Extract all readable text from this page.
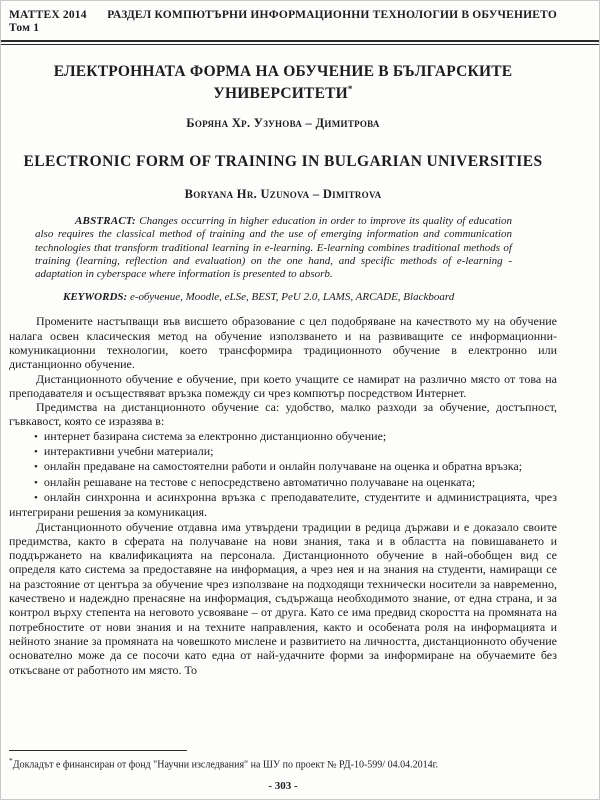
MATTEX 2014
Том 1
РАЗДЕЛ КОМПЮТЪРНИ ИНФОРМАЦИОННИ ТЕХНОЛОГИИ В ОБУЧЕНИЕТО
ЕЛЕКТРОННАТА ФОРМА НА ОБУЧЕНИЕ В БЪЛГАРСКИТЕ УНИВЕРСИТЕТИ*
Боряна Хр. Узунова – Димитрова
ELECTRONIC FORM OF TRAINING IN BULGARIAN UNIVERSITIES
Boryana Hr. Uzunova – Dimitrova

ABSTRACT: Changes occurring in higher education in order to improve its quality of education also requires the classical method of training and the use of emerging information and communication technologies that transform traditional learning in e-learning. E-learning combines traditional methods of training (learning, reflection and evaluation) on the one hand, and specific methods of e-learning - adaptation in cyberspace where information is presented to absorb.

KEYWORDS: e-обучение, Moodle, eLSe, BEST, PeU 2.0, LAMS, ARCADE, Blackboard

Промените настъпващи във висшето образование с цел подобряване на качеството му на обучение налага освен класическия метод на обучение използването и на развиващите се информационни-комуникационни технологии, което трансформира традиционното обучение в електронно или дистанционно обучение.

Дистанционното обучение е обучение, при което учащите се намират на различно място от това на преподавателя и осъществяват връзка помежду си чрез компютър посредством Интернет.

Предимства на дистанционното обучение са: удобство, малко разходи за обучение, достъпност, гъвкавост, която се изразява в:

• интернет базирана система за електронно дистанционно обучение;

• интерактивни учебни материали;

• онлайн предаване на самостоятелни работи и онлайн получаване на оценка и обратна връзка;

• онлайн решаване на тестове с непосредствено автоматично получаване на оценката;

• онлайн синхронна и асинхронна връзка с преподавателите, студентите и администрацията, чрез интегрирани решения за комуникация.

Дистанционното обучение отдавна има утвърдени традиции в редица държави и е доказало своите предимства, както в сферата на получаване на нови знания, така и в областта на повишаването и поддържането на квалификацията на персонала. Дистанционното обучение в най-обобщен вид се определя като система за предоставяне на информация, а чрез нея и на знания на студенти, намиращи се на разстояние от центъра за обучение чрез използване на подходящи технически носители за навременно, качествено и надеждно пренасяне на информация, съдържаща необходимото знание, от една страна, и за контрол върху степента на неговото усвояване – от друга. Като се има предвид скоростта на промяната на потребностите от нови знания и на техните направления, както и особената роля на информацията и нейното знание за промяната на човешкото мислене и развитието на личността, дистанционното обучение основателно може да се посочи като една от най-удачните форми за информиране на обучаемите без откъсване от работното им място. То

*Докладът е финансиран от фонд "Научни изследвания" на ШУ по проект № РД-10-599/ 04.04.2014г.

- 303 -
